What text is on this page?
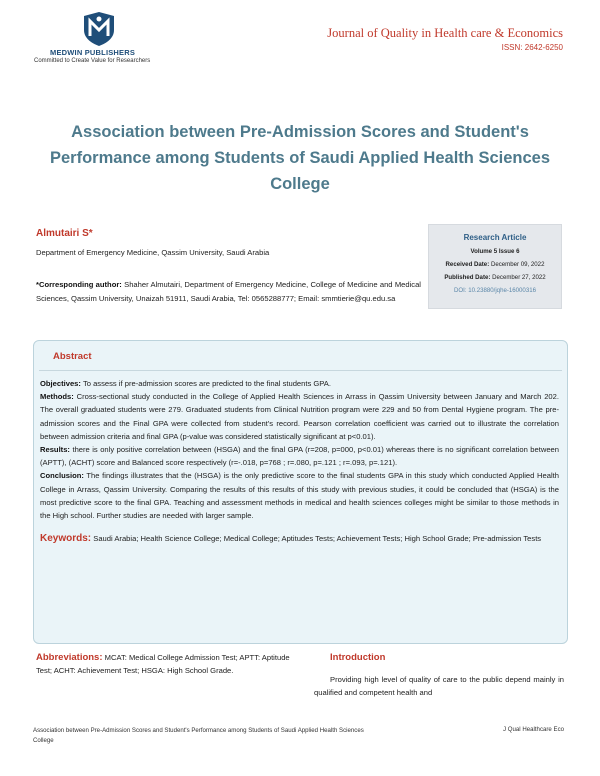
MEDWIN PUBLISHERS
Committed to Create Value for Researchers
Journal of Quality in Health care & Economics
ISSN: 2642-6250
Association between Pre-Admission Scores and Student's Performance among Students of Saudi Applied Health Sciences College
Almutairi S*
Department of Emergency Medicine, Qassim University, Saudi Arabia
*Corresponding author: Shaher Almutairi, Department of Emergency Medicine, College of Medicine and Medical Sciences, Qassim University, Unaizah 51911, Saudi Arabia, Tel: 0565288777; Email: smmtierie@qu.edu.sa
Research Article
Volume 5 Issue 6
Received Date: December 09, 2022
Published Date: December 27, 2022
DOI: 10.23880/jqhe-16000316
Abstract

Objectives: To assess if pre-admission scores are predicted to the final students GPA.

Methods: Cross-sectional study conducted in the College of Applied Health Sciences in Arrass in Qassim University between January and March 202. The overall graduated students were 279. Graduated students from Clinical Nutrition program were 229 and 50 from Dental Hygiene program. The pre-admission scores and the Final GPA were collected from student's record. Pearson correlation coefficient was carried out to illustrate the correlation between admission criteria and final GPA (p-value was considered statistically significant at p<0.01).

Results: there is only positive correlation between (HSGA) and the final GPA (r=208, p=000, p<0.01) whereas there is no significant correlation between (APTT), (ACHT) score and Balanced score respectively (r=-.018, p=768 ; r=.080, p=.121 ; r=.093, p=.121).

Conclusion: The findings illustrates that the (HSGA) is the only predictive score to the final students GPA in this study which conducted Applied Health College in Arrass, Qassim University. Comparing the results of this results of this study with previous studies, it could be concluded that (HSGA) is the most predictive score to the final GPA. Teaching and assessment methods in medical and health sciences colleges might be similar to those methods in the High school. Further studies are needed with larger sample.

Keywords: Saudi Arabia; Health Science College; Medical College; Aptitudes Tests; Achievement Tests; High School Grade; Pre-admission Tests

Abbreviations: MCAT: Medical College Admission Test; APTT: Aptitude Test; ACHT: Achievement Test; HSGA: High School Grade.
Introduction
Providing high level of quality of care to the public depend mainly in qualified and competent health and
Association between Pre-Admission Scores and Student's Performance among Students of Saudi Applied Health Sciences College
J Qual Healthcare Eco
